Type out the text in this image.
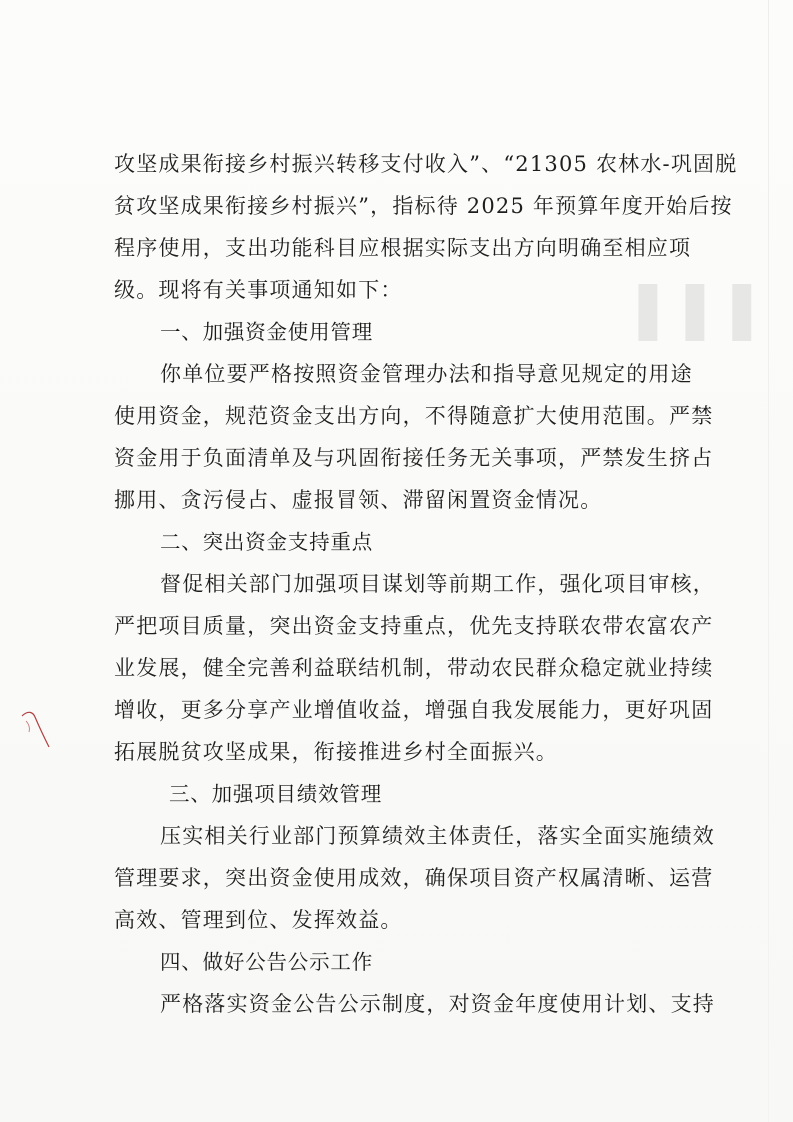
▌▌▌
攻坚成果衔接乡村振兴转移支付收入”、“21305 农林水-巩固脱
贫攻坚成果衔接乡村振兴”，指标待 2025 年预算年度开始后按
程序使用，支出功能科目应根据实际支出方向明确至相应项
级。现将有关事项通知如下：
一、加强资金使用管理
你单位要严格按照资金管理办法和指导意见规定的用途
使用资金，规范资金支出方向，不得随意扩大使用范围。严禁
资金用于负面清单及与巩固衔接任务无关事项，严禁发生挤占
挪用、贪污侵占、虚报冒领、滞留闲置资金情况。
二、突出资金支持重点
督促相关部门加强项目谋划等前期工作，强化项目审核，
严把项目质量，突出资金支持重点，优先支持联农带农富农产
业发展，健全完善利益联结机制，带动农民群众稳定就业持续
增收，更多分享产业增值收益，增强自我发展能力，更好巩固
拓展脱贫攻坚成果，衔接推进乡村全面振兴。
三、加强项目绩效管理
压实相关行业部门预算绩效主体责任，落实全面实施绩效
管理要求，突出资金使用成效，确保项目资产权属清晰、运营
高效、管理到位、发挥效益。
四、做好公告公示工作
严格落实资金公告公示制度，对资金年度使用计划、支持
